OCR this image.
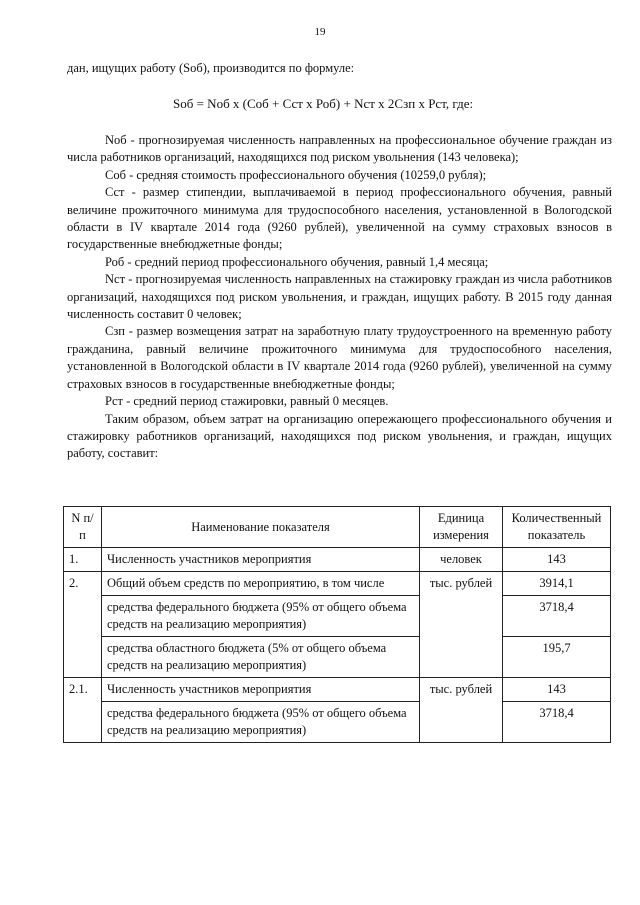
19
дан, ищущих работу (Sоб), производится по формуле:
Sоб = Nоб х (Cоб + Сст х Роб) + Nст х 2Сзп х Рст, где:

Nоб - прогнозируемая численность направленных на профессиональное обучение граждан из числа работников организаций, находящихся под риском увольнения (143 человека);

Cоб - средняя стоимость профессионального обучения (10259,0 рубля);

Сст - размер стипендии, выплачиваемой в период профессионального обучения, равный величине прожиточного минимума для трудоспособного населения, установленной в Вологодской области в IV квартале 2014 года (9260 рублей), увеличенной на сумму страховых взносов в государственные внебюджетные фонды;

Роб - средний период профессионального обучения, равный 1,4 месяца;

Nст - прогнозируемая численность направленных на стажировку граждан из числа работников организаций, находящихся под риском увольнения, и граждан, ищущих работу. В 2015 году данная численность составит 0 человек;

Сзп - размер возмещения затрат на заработную плату трудоустроенного на временную работу гражданина, равный величине прожиточного минимума для трудоспособного населения, установленной в Вологодской области в IV квартале 2014 года (9260 рублей), увеличенной на сумму страховых взносов в государственные внебюджетные фонды;

Рст - средний период стажировки, равный 0 месяцев.

Таким образом, объем затрат на организацию опережающего профессионального обучения и стажировку работников организаций, находящихся под риском увольнения, и граждан, ищущих работу, составит:

N п/п	Наименование показателя	Единица измерения	Количественный показатель
1.	Численность участников мероприятия	человек	143
2.	Общий объем средств по мероприятию, в том числе	тыс. рублей	3914,1
	средства федерального бюджета (95% от общего объема средств на реализацию мероприятия)		3718,4
	средства областного бюджета (5% от общего объема средств на реализацию мероприятия)		195,7
2.1.	Численность участников мероприятия	тыс. рублей	143
	средства федерального бюджета (95% от общего объема средств на реализацию мероприятия)		3718,4
